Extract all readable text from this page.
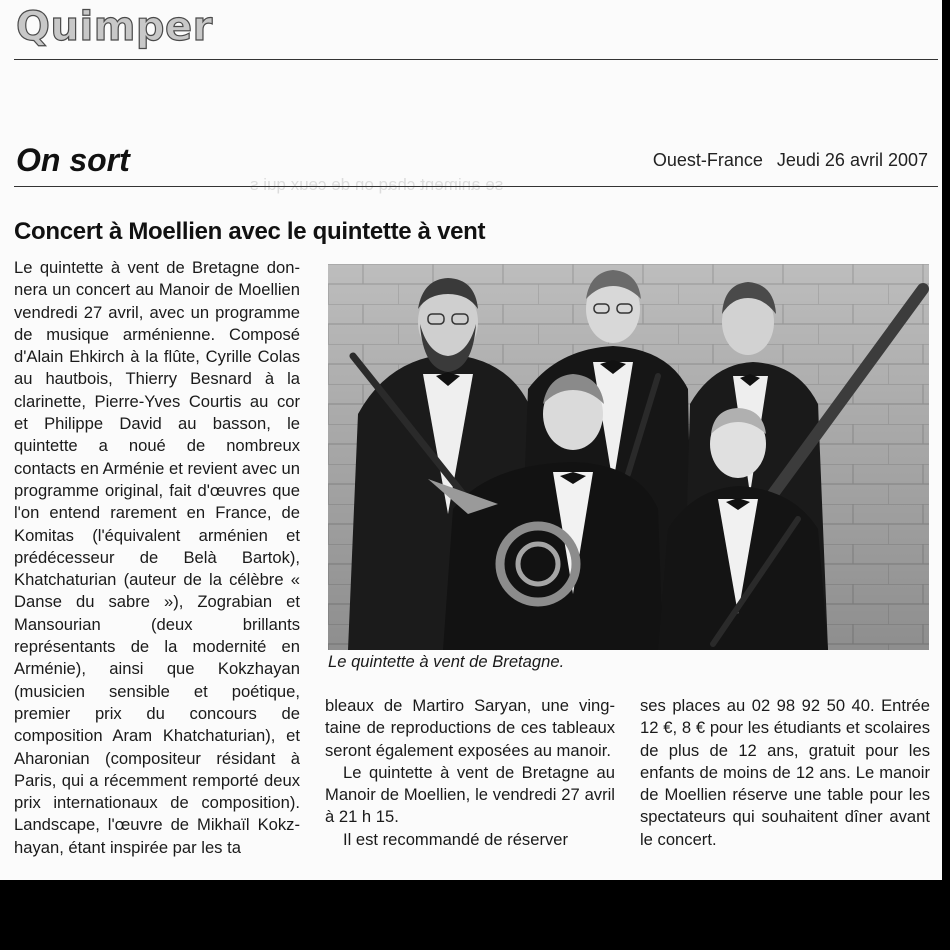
Quimper
se animent chaq on de ceux qui s
On sort	Ouest-France Jeudi 26 avril 2007
Concert à Moellien avec le quintette à vent

Le quintette à vent de Bretagne donnera un concert au Manoir de Moellien vendredi 27 avril, avec un programme de musique arménienne. Composé d'Alain Ehkirch à la flûte, Cyrille Colas au hautbois, Thierry Besnard à la clarinette, Pierre-Yves Courtis au cor et Philippe David au basson, le quintette a noué de nombreux contacts en Arménie et revient avec un programme original, fait d'œuvres que l'on entend rarement en France, de Komitas (l'équivalent arménien et prédécesseur de Belà Bartok), Khatchaturian (auteur de la célèbre « Danse du sabre »), Zograbian et Mansourian (deux brillants représentants de la modernité en Arménie), ainsi que Kokzhayan (musicien sensible et poétique, premier prix du concours de composition Aram Khatchaturian), et Aharonian (compositeur résidant à Paris, qui a récemment remporté deux prix internationaux de composition). Landscape, l'œuvre de Mikhaïl Kokzhayan, étant inspirée par les ta

Le quintette à vent de Bretagne.

bleaux de Martiro Saryan, une vingtaine de reproductions de ces tableaux seront également exposées au manoir.

Le quintette à vent de Bretagne au Manoir de Moellien, le vendredi 27 avril à 21 h 15.

Il est recommandé de réserver

ses places au 02 98 92 50 40. Entrée 12 €, 8 € pour les étudiants et scolaires de plus de 12 ans, gratuit pour les enfants de moins de 12 ans. Le manoir de Moellien réserve une table pour les spectateurs qui souhaitent dîner avant le concert.
